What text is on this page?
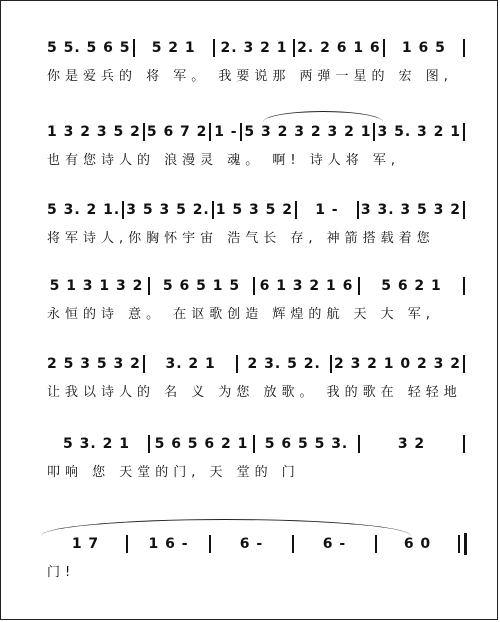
5 5. 5 6 5	5 2 1	2. 3 2 1 2. 2 6 1 6	1 6 5
你是爱兵的 将 军。 我要说那 两弹一星的 宏 图,
1 3 2 3 5 2 5 6 7 2 1 - 5 3 2 3 2 3 2 1 3 5. 3 2 1
也有您诗人的 浪漫灵 魂。 啊! 诗人将 军,
5 3. 2 1. 3 5 3 5 2. 1 5 3 5 2	1 -	3 3. 3 5 3 2
将军诗人,你胸怀宇宙 浩气长 存, 神箭搭载着您
5 1 3 1 3 2	5 6 5 1 5	6 1 3 2 1 6	5 6 2 1
永恒的诗 意。 在讴歌创造 辉煌的航 天 大 军,
2 5 3 5 3 2	3. 2 1	2 3. 5 2. 2 3 2 1 0 2 3 2
让我以诗人的 名 义 为您 放歌。 我的歌在 轻轻地
5 3. 2 1	5 6 5 6 2 1	5 6 5 5 3.	3 2
叩响 您 天堂的门, 天 堂的 门
1 7	1 6 -	6 -	6 -	6 0
门!
